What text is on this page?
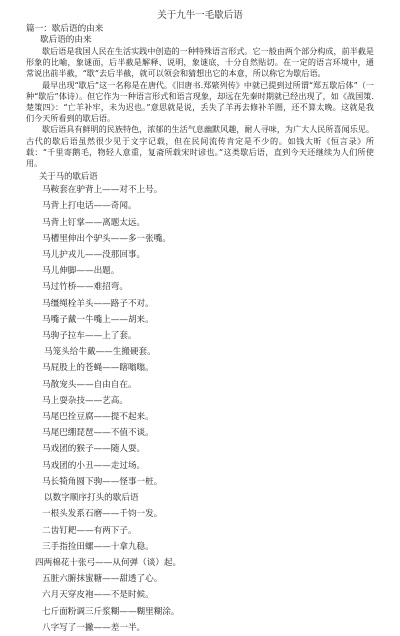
关于九牛一毛歇后语
篇一：歇后语的由来
歇后语的由来

歇后语是我国人民在生活实践中创造的一种特殊语言形式。它一般由两个部分构成，前半截是形象的比喻，象谜面，后半截是解释、说明，象谜底，十分自然贴切。在一定的语言环境中，通常说出前半截，“歇”去后半截，就可以领会和猜想出它的本意，所以称它为歇后语。

最早出现“歇后”这一名称是在唐代。《旧唐书.郑綮列传》中就已提到过所谓“郑五歇后体”（一种“歇后”体诗）。但它作为一种语言形式和语言现象，却远在先秦时期就已经出现了，如《战国策.楚策四》：“亡羊补牢，未为迟也。”意思就是说，丢失了羊再去修补羊圈，还不算太晚。这就是我们今天所看到的歇后语。

歇后语具有鲜明的民族特色，浓郁的生活气息幽默风趣，耐人寻味，为广大人民所喜闻乐见。古代的歇后语虽然很少见于文字记载，但在民间流传肯定是不少的。如钱大昕《恒言录》所载：“千里寄鹅毛，物轻人意重，复斋所载宋时谚也。”这类歇后语，直到今天还继续为人们所使用。

关于马的歇后语
马鞍套在驴背上——对不上号。
马背上打电话——奇闻。
马背上钉掌——离题太远。
马槽里伸出个驴头——多一张嘴。
马儿护戎儿——没那回事。
马儿伸脚——出题。
马过竹桥——难招弯。
马缰绳栓羊头——路子不对。
马嘴子戴一牛嘴上——胡来。
马驹子拉车——上了套。
马笼头给牛戴——生搬硬套。
马屁股上的苍蝇——瞎嗡嗡。
马散宠头——自由自在。
马上耍杂技——艺高。
马尾巴拴豆腐——提不起来。
马尾巴绷琵琶——不值不谈。
马戏团的猴子——随人耍。
马戏团的小丑——走过场。
马长犄角圆下驹——怪事一桩。
以数字顺序打头的歇后语
一根头发系石磨——千钧一发。
二齿钉耙——有两下子。
三手指捡田螺——十拿九稳。
四两棉花十张弓——从何弹（谈）起。
五脏六腑抹蜜糖——甜透了心。
六月天穿皮袍——不是时候。
七斤面粉调三斤浆糊——糊里糊涂。
八字写了一撇——差一半。
